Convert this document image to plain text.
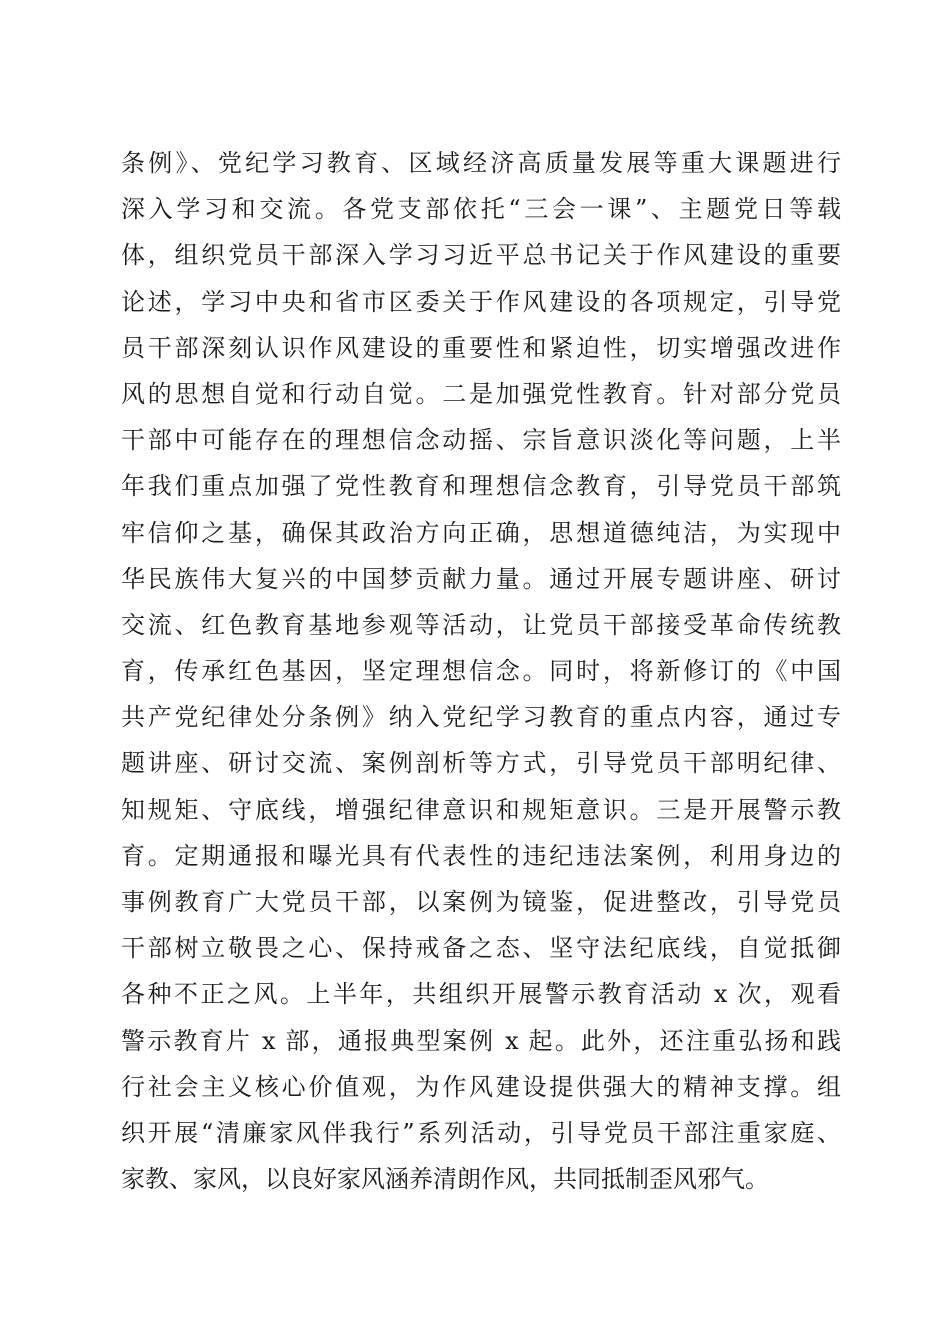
条例》、党纪学习教育、区域经济高质量发展等重大课题进行
深入学习和交流。各党支部依托“三会一课”、主题党日等载
体，组织党员干部深入学习习近平总书记关于作风建设的重要
论述，学习中央和省市区委关于作风建设的各项规定，引导党
员干部深刻认识作风建设的重要性和紧迫性，切实增强改进作
风的思想自觉和行动自觉。二是加强党性教育。针对部分党员
干部中可能存在的理想信念动摇、宗旨意识淡化等问题，上半
年我们重点加强了党性教育和理想信念教育，引导党员干部筑
牢信仰之基，确保其政治方向正确，思想道德纯洁，为实现中
华民族伟大复兴的中国梦贡献力量。通过开展专题讲座、研讨
交流、红色教育基地参观等活动，让党员干部接受革命传统教
育，传承红色基因，坚定理想信念。同时，将新修订的《中国
共产党纪律处分条例》纳入党纪学习教育的重点内容，通过专
题讲座、研讨交流、案例剖析等方式，引导党员干部明纪律、
知规矩、守底线，增强纪律意识和规矩意识。三是开展警示教
育。定期通报和曝光具有代表性的违纪违法案例，利用身边的
事例教育广大党员干部，以案例为镜鉴，促进整改，引导党员
干部树立敬畏之心、保持戒备之态、坚守法纪底线，自觉抵御
各种不正之风。上半年，共组织开展警示教育活动 x 次，观看
警示教育片 x 部，通报典型案例 x 起。此外，还注重弘扬和践
行社会主义核心价值观，为作风建设提供强大的精神支撑。组
织开展“清廉家风伴我行”系列活动，引导党员干部注重家庭、
家教、家风，以良好家风涵养清朗作风，共同抵制歪风邪气。
